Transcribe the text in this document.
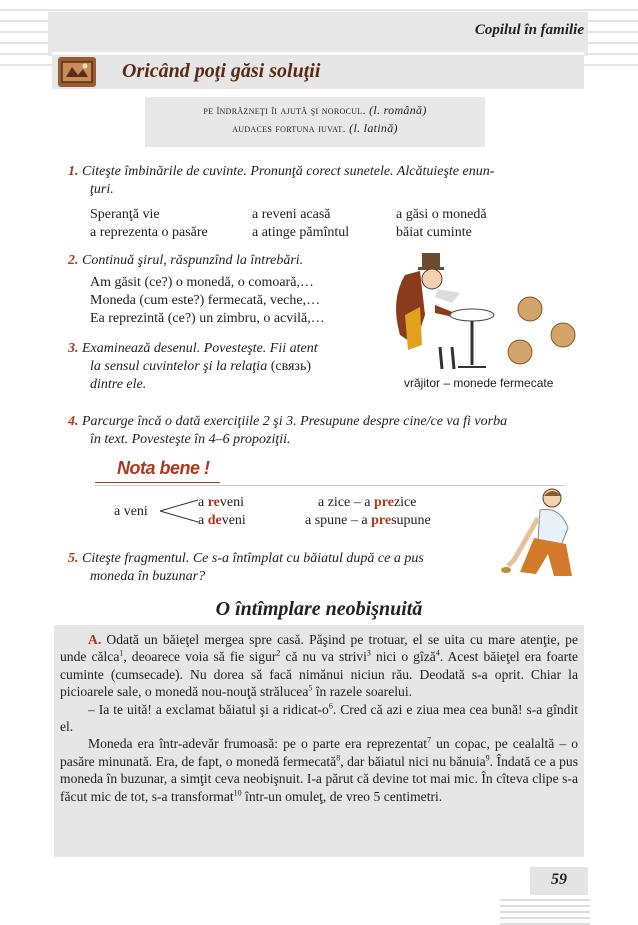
Copilul în familie
Oricând poţi găsi soluţii
pe îndrăzneţi îi ajută şi norocul. (l. română)
audaces fortuna iuvat. (l. latină)
1. Citeşte îmbinările de cuvinte. Pronunţă corect sunetele. Alcătuieşte enun-
ţuri.
Speranţă vie	a reveni acasă	a găsi o monedă
a reprezenta o pasăre	a atinge pămîntul	băiat cuminte
2. Continuă şirul, răspunzînd la întrebări.
Am găsit (ce?) o monedă, o comoară,…
Moneda (cum este?) fermecată, veche,…
Ea reprezintă (ce?) un zimbru, o acvilă,…
3. Examinează desenul. Povesteşte. Fii atent
la sensul cuvintelor şi la relaţia (связь)
dintre ele.	vrăjitor – monede fermecate
4. Parcurge încă o dată exerciţiile 2 şi 3. Presupune despre cine/ce va fi vorba
în text. Povesteşte în 4–6 propoziţii.
Nota bene !
a veni
a reveni
a deveni
a zice – a prezice
a spune – a presupune
5. Citeşte fragmentul. Ce s-a întîmplat cu băiatul după ce a pus
moneda în buzunar?
O întîmplare neobişnuită

A. Odată un băieţel mergea spre casă. Păşind pe trotuar, el se uita cu mare atenţie, pe unde călca$^1$, deoarece voia să fie sigur$^2$ că nu va strivi$^3$ nici o gîză$^4$. Acest băieţel era foarte cuminte (cumsecade). Nu dorea să facă nimănui niciun rău. Deodată s-a oprit. Chiar la picioarele sale, o monedă nou-nouţă strălucea$^5$ în razele soarelui.

– Ia te uită! a exclamat băiatul şi a ridicat-$o^6$. Cred că azi e ziua mea cea bună! s-a gîndit el.

Moneda era într-adevăr frumoasă: pe o parte era reprezentat$^7$ un copac, pe cealaltă – o pasăre minunată. Era, de fapt, o monedă fermecată$^8$, dar băiatul nici nu bănuia$^9$. Îndată ce a pus moneda în buzunar, a simţit ceva neobişnuit. I-a părut că devine tot mai mic. În cîteva clipe s-a făcut mic de tot, s-a transformat$^{10}$ într-un omuleţ, de vreo 5 centimetri.

59
